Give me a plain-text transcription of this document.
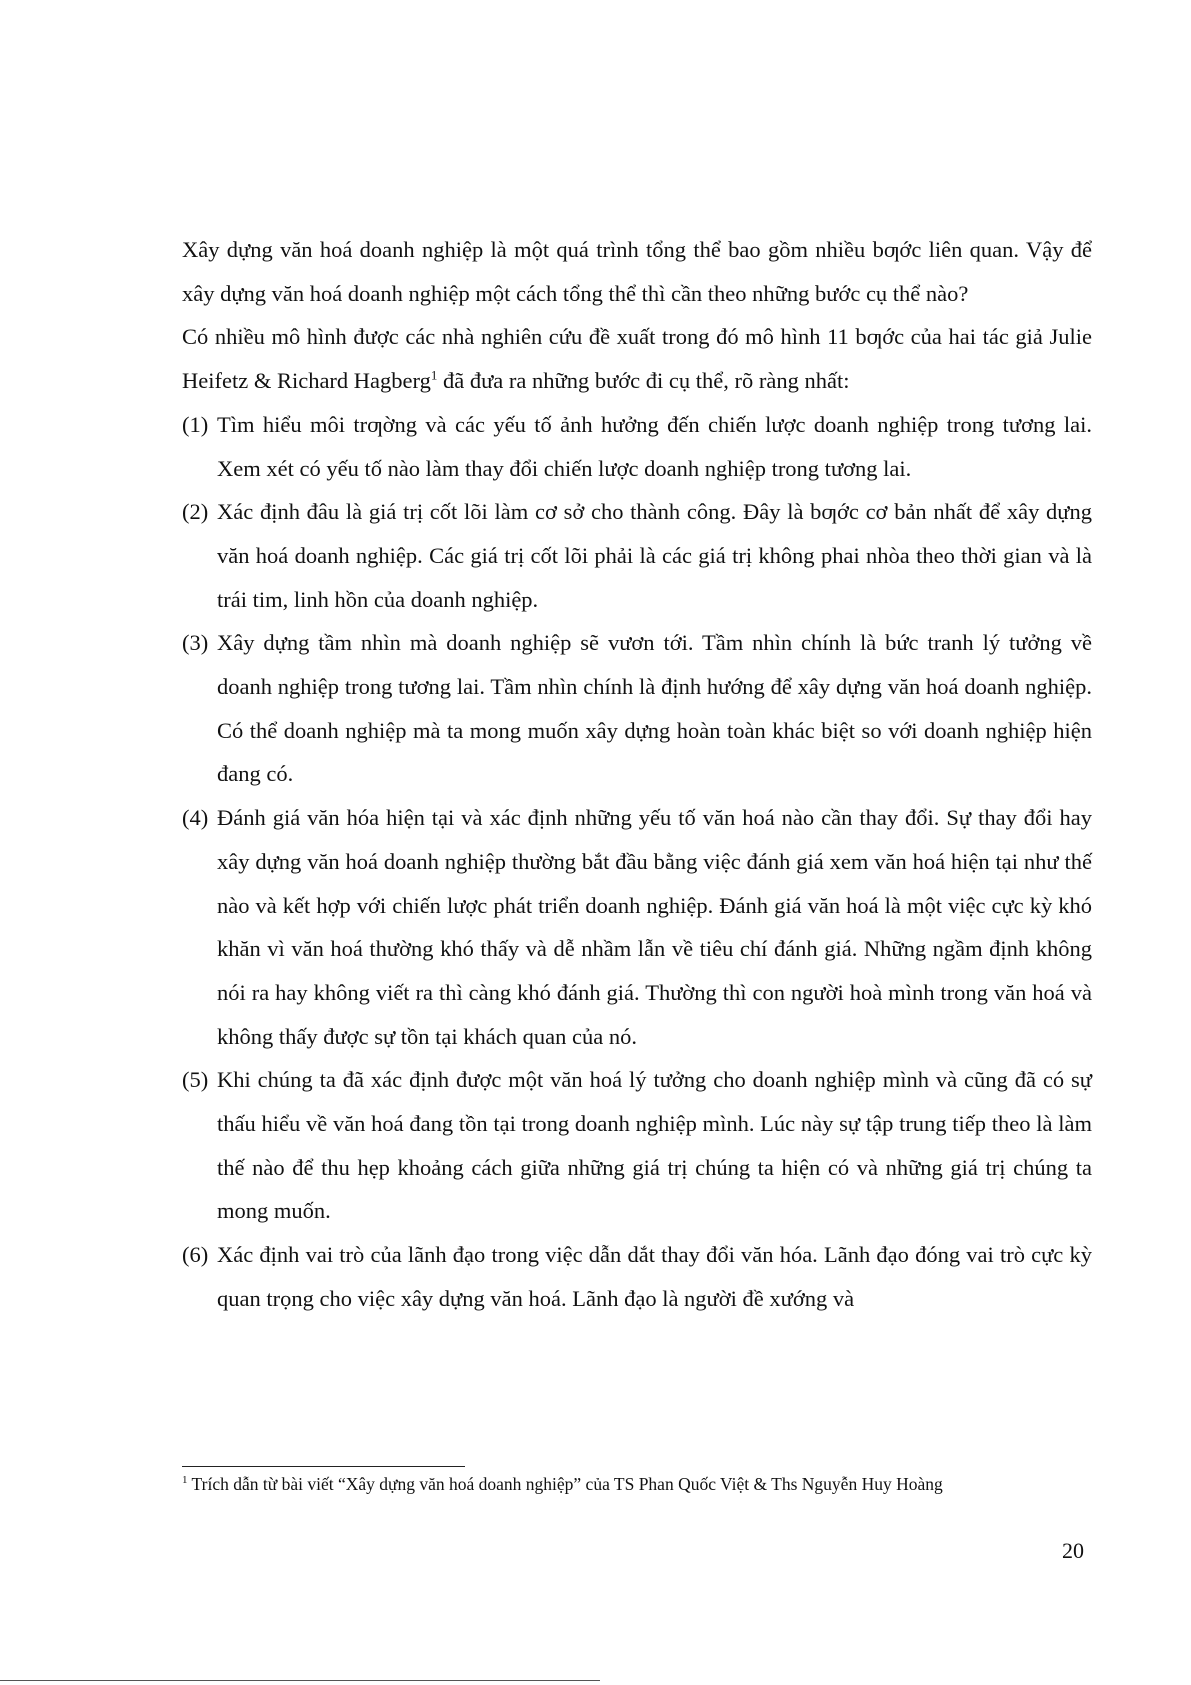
Xây dựng văn hoá doanh nghiệp là một quá trình tổng thể bao gồm nhiều bƣớc liên quan. Vậy để xây dựng văn hoá doanh nghiệp một cách tổng thể thì cần theo những bước cụ thể nào?

Có nhiều mô hình được các nhà nghiên cứu đề xuất trong đó mô hình 11 bƣớc của hai tác giả Julie Heifetz & Richard Hagberg$^1$ đã đưa ra những bước đi cụ thể, rõ ràng nhất:

(1) Tìm hiểu môi trƣờng và các yếu tố ảnh hưởng đến chiến lược doanh nghiệp trong tương lai. Xem xét có yếu tố nào làm thay đổi chiến lược doanh nghiệp trong tương lai.
(2) Xác định đâu là giá trị cốt lõi làm cơ sở cho thành công. Đây là bƣớc cơ bản nhất để xây dựng văn hoá doanh nghiệp. Các giá trị cốt lõi phải là các giá trị không phai nhòa theo thời gian và là trái tim, linh hồn của doanh nghiệp.
(3) Xây dựng tầm nhìn mà doanh nghiệp sẽ vươn tới. Tầm nhìn chính là bức tranh lý tưởng về doanh nghiệp trong tương lai. Tầm nhìn chính là định hướng để xây dựng văn hoá doanh nghiệp. Có thể doanh nghiệp mà ta mong muốn xây dựng hoàn toàn khác biệt so với doanh nghiệp hiện đang có.
(4) Đánh giá văn hóa hiện tại và xác định những yếu tố văn hoá nào cần thay đổi. Sự thay đổi hay xây dựng văn hoá doanh nghiệp thường bắt đầu bằng việc đánh giá xem văn hoá hiện tại như thế nào và kết hợp với chiến lược phát triển doanh nghiệp. Đánh giá văn hoá là một việc cực kỳ khó khăn vì văn hoá thường khó thấy và dễ nhầm lẫn về tiêu chí đánh giá. Những ngầm định không nói ra hay không viết ra thì càng khó đánh giá. Thường thì con người hoà mình trong văn hoá và không thấy được sự tồn tại khách quan của nó.
(5) Khi chúng ta đã xác định được một văn hoá lý tưởng cho doanh nghiệp mình và cũng đã có sự thấu hiểu về văn hoá đang tồn tại trong doanh nghiệp mình. Lúc này sự tập trung tiếp theo là làm thế nào để thu hẹp khoảng cách giữa những giá trị chúng ta hiện có và những giá trị chúng ta mong muốn.
(6) Xác định vai trò của lãnh đạo trong việc dẫn dắt thay đổi văn hóa. Lãnh đạo đóng vai trò cực kỳ quan trọng cho việc xây dựng văn hoá. Lãnh đạo là người đề xướng và
$^1$ Trích dẫn từ bài viết “Xây dựng văn hoá doanh nghiệp” của TS Phan Quốc Việt & Ths Nguyễn Huy Hoàng
20
